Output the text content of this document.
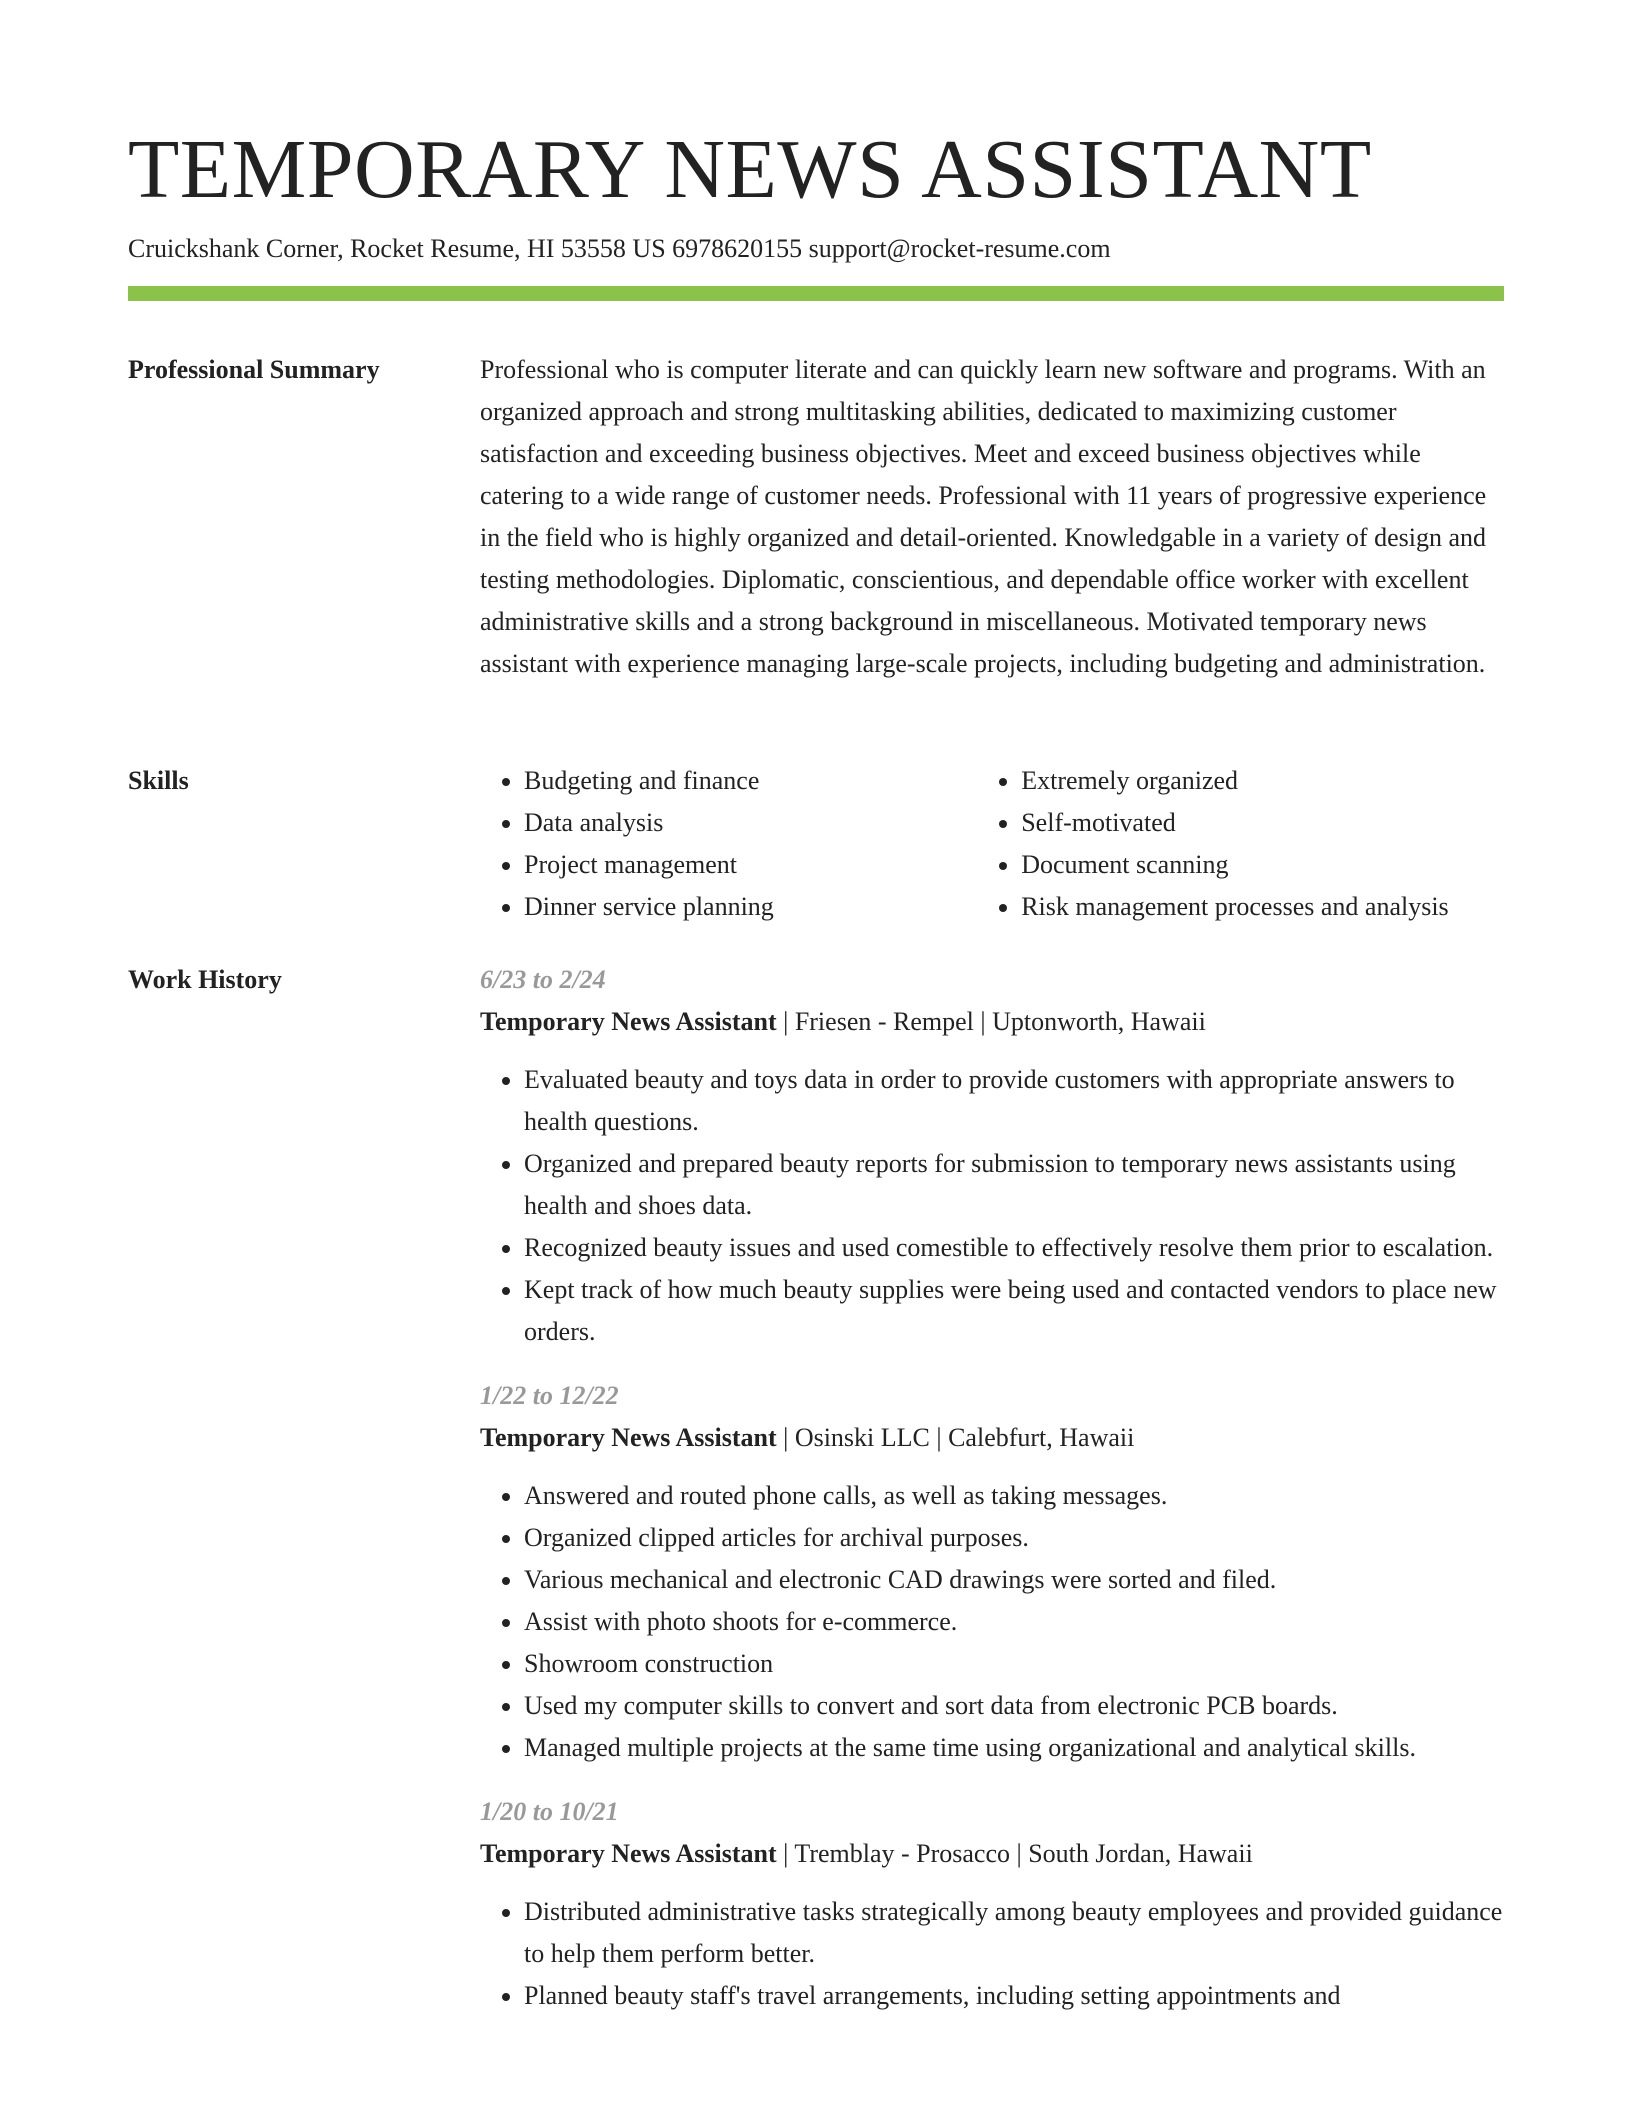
TEMPORARY NEWS ASSISTANT
Cruickshank Corner, Rocket Resume, HI 53558 US 6978620155 support@rocket-resume.com
Professional Summary	Professional who is computer literate and can quickly learn new software and programs. With an organized approach and strong multitasking abilities, dedicated to maximizing customer satisfaction and exceeding business objectives. Meet and exceed business objectives while catering to a wide range of customer needs. Professional with 11 years of progressive experience in the field who is highly organized and detail-oriented. Knowledgable in a variety of design and testing methodologies. Diplomatic, conscientious, and dependable office worker with excellent administrative skills and a strong background in miscellaneous. Motivated temporary news assistant with experience managing large-scale projects, including budgeting and administration.

Skills
•	Budgeting and finance
• Data analysis
• Project management
• Dinner service planning
• Extremely organized
• Self-motivated
• Document scanning
• Risk management processes and analysis
Work History	6/23 to 2/24
Temporary News Assistant | Friesen - Rempel | Uptonworth, Hawaii
• Evaluated beauty and toys data in order to provide customers with appropriate answers to health questions.
• Organized and prepared beauty reports for submission to temporary news assistants using health and shoes data.
• Recognized beauty issues and used comestible to effectively resolve them prior to escalation.
• Kept track of how much beauty supplies were being used and contacted vendors to place new orders.
1/22 to 12/22
Temporary News Assistant | Osinski LLC | Calebfurt, Hawaii
• Answered and routed phone calls, as well as taking messages.
• Organized clipped articles for archival purposes.
• Various mechanical and electronic CAD drawings were sorted and filed.
• Assist with photo shoots for e-commerce.
• Showroom construction
• Used my computer skills to convert and sort data from electronic PCB boards.
• Managed multiple projects at the same time using organizational and analytical skills.
1/20 to 10/21
Temporary News Assistant | Tremblay - Prosacco | South Jordan, Hawaii
• Distributed administrative tasks strategically among beauty employees and provided guidance to help them perform better.
• Planned beauty staff's travel arrangements, including setting appointments and
